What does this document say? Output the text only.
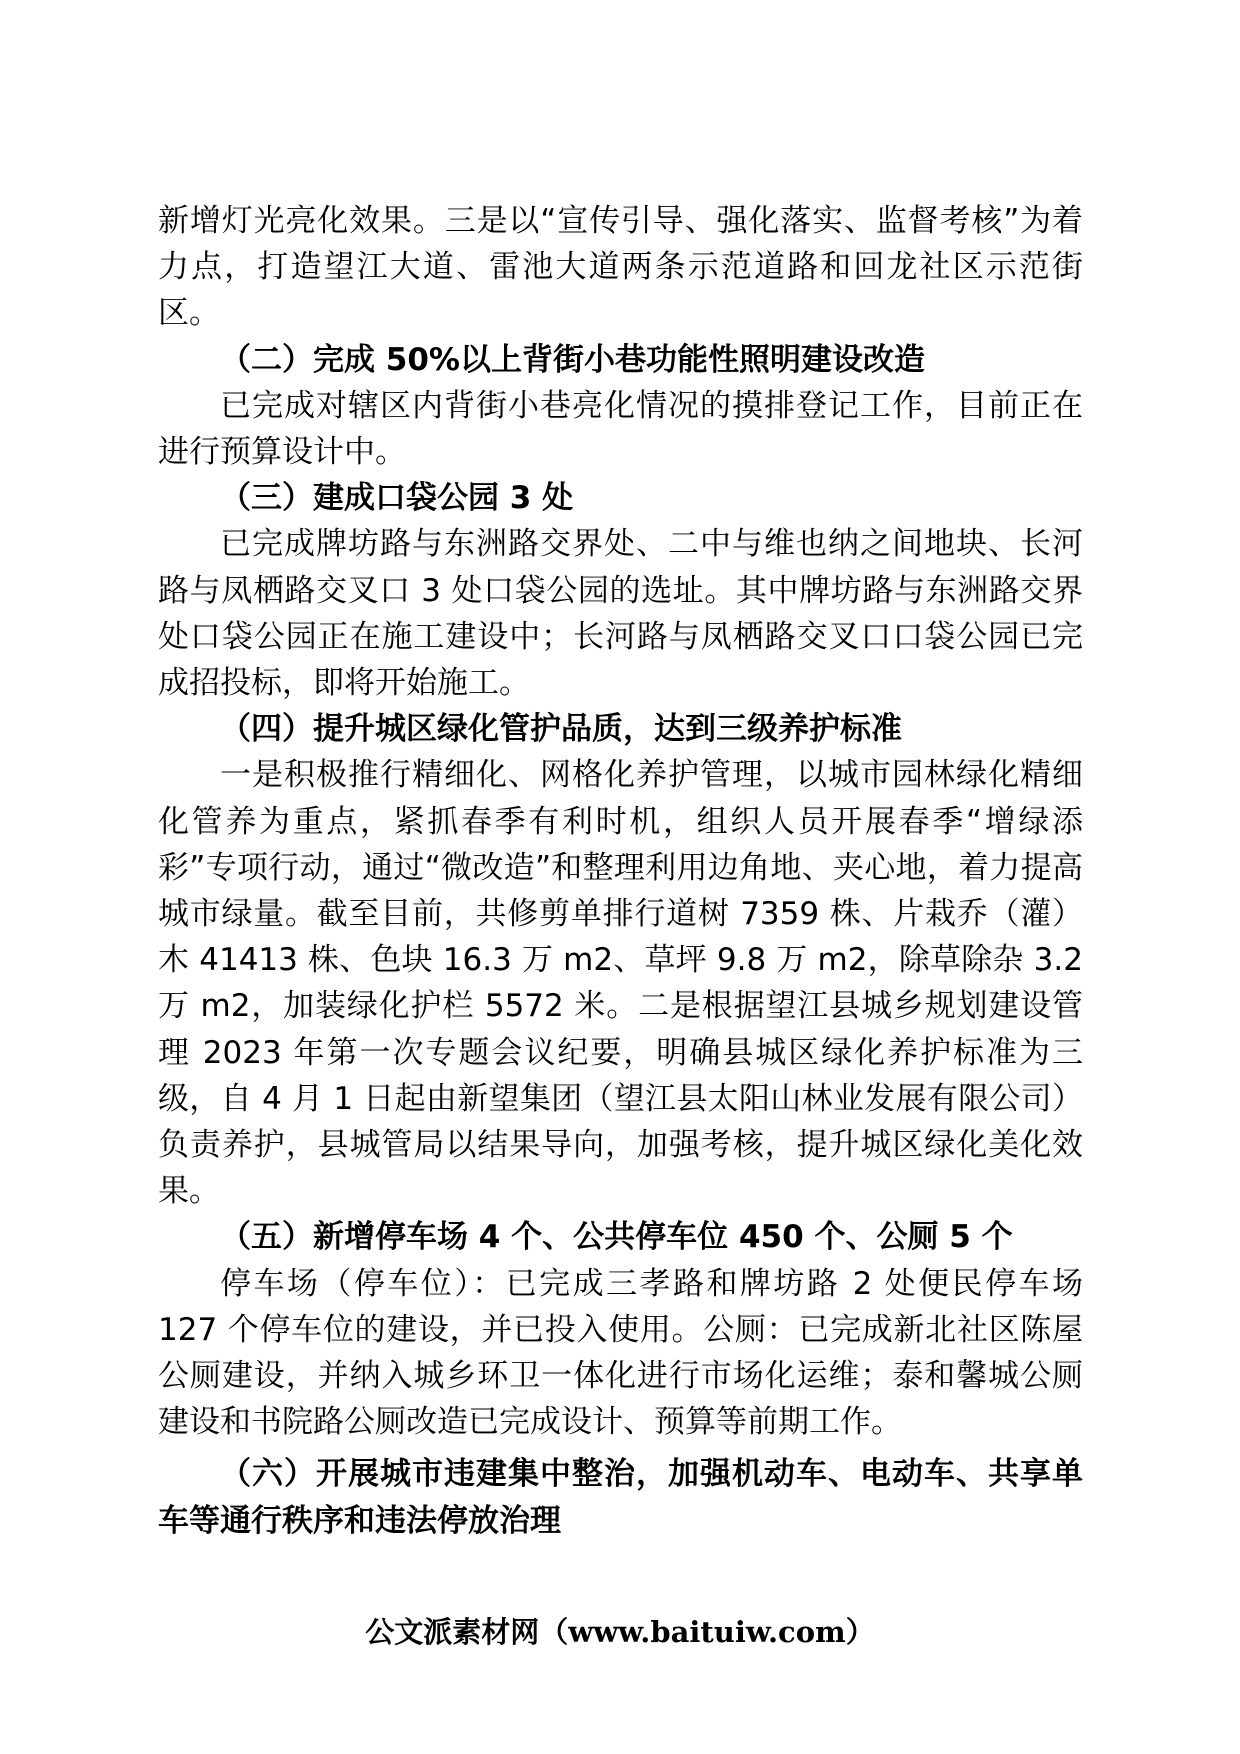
新增灯光亮化效果。三是以“宣传引导、强化落实、监督考核”为着力点，打造望江大道、雷池大道两条示范道路和回龙社区示范街区。

（二）完成 50%以上背街小巷功能性照明建设改造

已完成对辖区内背街小巷亮化情况的摸排登记工作，目前正在进行预算设计中。

（三）建成口袋公园 3 处

已完成牌坊路与东洲路交界处、二中与维也纳之间地块、长河路与凤栖路交叉口 3 处口袋公园的选址。其中牌坊路与东洲路交界处口袋公园正在施工建设中；长河路与凤栖路交叉口口袋公园已完成招投标，即将开始施工。

（四）提升城区绿化管护品质，达到三级养护标准

一是积极推行精细化、网格化养护管理，以城市园林绿化精细化管养为重点，紧抓春季有利时机，组织人员开展春季“增绿添彩”专项行动，通过“微改造”和整理利用边角地、夹心地，着力提高城市绿量。截至目前，共修剪单排行道树 7359 株、片栽乔（灌）木 41413 株、色块 16.3 万 m2、草坪 9.8 万 m2，除草除杂 3.2 万 m2，加装绿化护栏 5572 米。二是根据望江县城乡规划建设管理 2023 年第一次专题会议纪要，明确县城区绿化养护标准为三级，自 4 月 1 日起由新望集团（望江县太阳山林业发展有限公司）负责养护，县城管局以结果导向，加强考核，提升城区绿化美化效果。

（五）新增停车场 4 个、公共停车位 450 个、公厕 5 个

停车场（停车位）：已完成三孝路和牌坊路 2 处便民停车场 127 个停车位的建设，并已投入使用。公厕：已完成新北社区陈屋公厕建设，并纳入城乡环卫一体化进行市场化运维；泰和馨城公厕建设和书院路公厕改造已完成设计、预算等前期工作。

（六）开展城市违建集中整治，加强机动车、电动车、共享单车等通行秩序和违法停放治理

公文派素材网（www.baituiw.com）
